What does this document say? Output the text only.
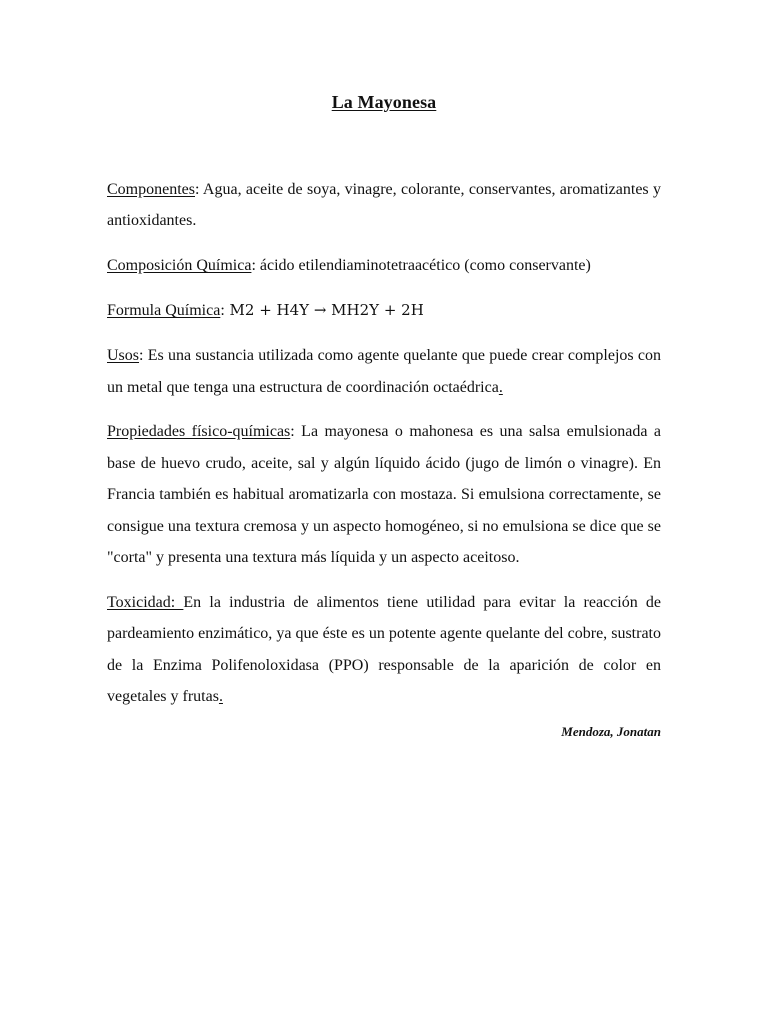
La Mayonesa

Componentes: Agua, aceite de soya, vinagre, colorante, conservantes, aromatizantes y antioxidantes.

Composición Química: ácido etilendiaminotetraacético (como conservante)

Formula Química: M2 + H4Y → MH2Y + 2H

Usos: Es una sustancia utilizada como agente quelante que puede crear complejos con un metal que tenga una estructura de coordinación octaédrica.

Propiedades físico-químicas: La mayonesa o mahonesa es una salsa emulsionada a base de huevo crudo, aceite, sal y algún líquido ácido (jugo de limón o vinagre). En Francia también es habitual aromatizarla con mostaza. Si emulsiona correctamente, se consigue una textura cremosa y un aspecto homogéneo, si no emulsiona se dice que se "corta" y presenta una textura más líquida y un aspecto aceitoso.

Toxicidad: En la industria de alimentos tiene utilidad para evitar la reacción de pardeamiento enzimático, ya que éste es un potente agente quelante del cobre, sustrato de la Enzima Polifenoloxidasa (PPO) responsable de la aparición de color en vegetales y frutas.

Mendoza, Jonatan
